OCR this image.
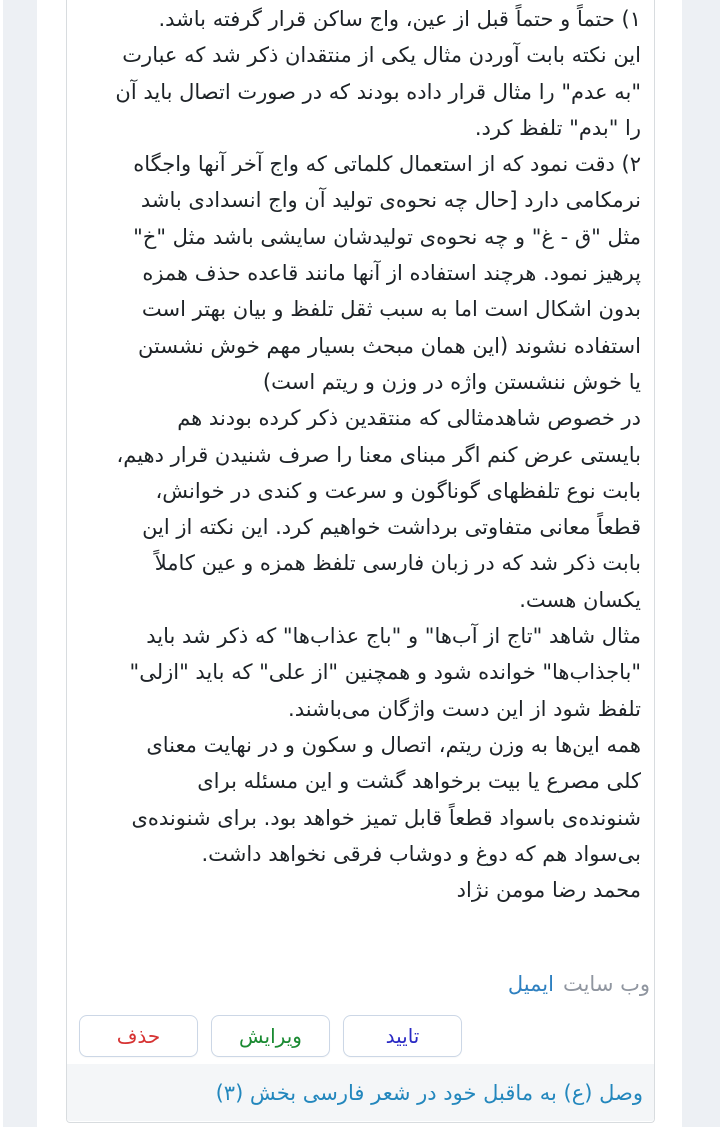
۱) حتماً و حتماً قبل از عین، واج ساکن قرار گرفته باشد.
این نکته بابت آوردن مثال یکی از منتقدان ذکر شد که عبارت
"به عدم" را مثال قرار داده بودند که در صورت اتصال باید آن
را "بدم" تلفظ کرد.
۲) دقت نمود که از استعمال کلماتی که واج آخر آنها واجگاه
نرمکامی دارد [حال چه نحوه‌ی تولید آن واج انسدادی باشد
مثل "ق - غ" و چه نحوه‌ی تولیدشان سایشی باشد مثل "خ"
پرهیز نمود. هرچند استفاده از آنها مانند قاعده حذف همزه
بدون اشکال است اما به سبب ثقل تلفظ و بیان بهتر است
استفاده نشوند (این همان مبحث بسیار مهم خوش نشستن
یا خوش ننشستن واژه در وزن و ریتم است)
در خصوص شاهدمثالی که منتقدین ذکر کرده بودند هم
بایستی عرض کنم اگر مبنای معنا را صرف شنیدن قرار دهیم،
بابت نوع تلفظهای گوناگون و سرعت و کندی در خوانش،
قطعاً معانی متفاوتی برداشت خواهیم کرد. این نکته از این
بابت ذکر شد که در زبان فارسی تلفظ همزه و عین کاملاً
یکسان هست.
مثال شاهد "تاج از آب‌ها" و "باج عذاب‌ها" که ذکر شد باید
"باجذاب‌ها" خوانده شود و همچنین "از علی" که باید "ازلی"
تلفظ شود از این دست واژگان می‌باشند.
همه این‌ها به وزن ریتم، اتصال و سکون و در نهایت معنای
کلی مصرع یا بیت برخواهد گشت و این مسئله برای
شنونده‌ی باسواد قطعاً قابل تمیز خواهد بود. برای شنونده‌ی
بی‌سواد هم که دوغ و دوشاب فرقی نخواهد داشت.
محمد رضا مومن نژاد
وب سایت
ایمیل
حذف	ویرایش	تایید
وصل (ع) به ماقبل خود در شعر فارسی بخش (۳)
